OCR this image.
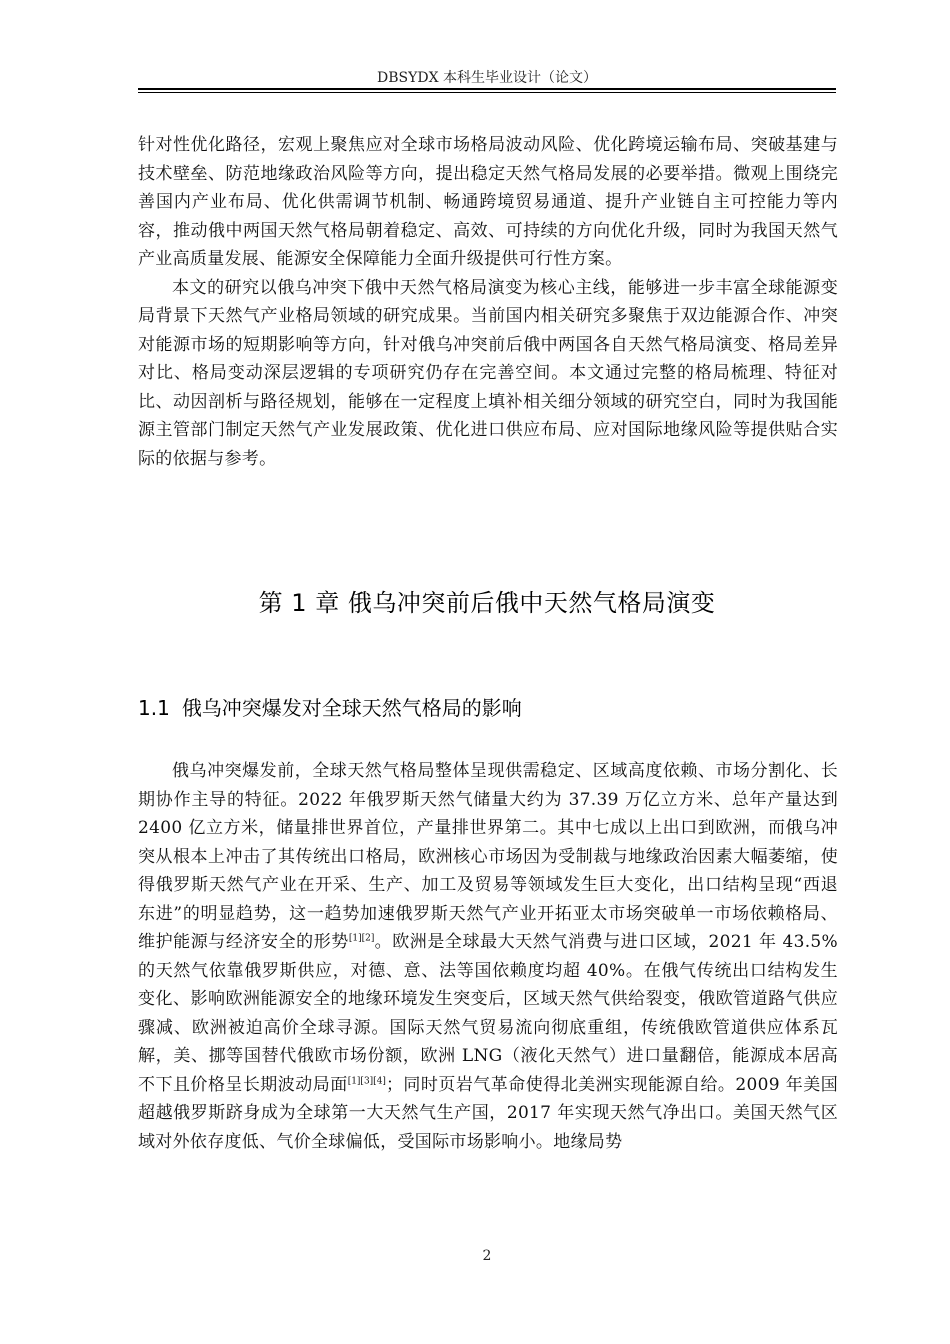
DBSYDX 本科生毕业设计（论文）

针对性优化路径，宏观上聚焦应对全球市场格局波动风险、优化跨境运输布局、突破基建与技术壁垒、防范地缘政治风险等方向，提出稳定天然气格局发展的必要举措。微观上围绕完善国内产业布局、优化供需调节机制、畅通跨境贸易通道、提升产业链自主可控能力等内容，推动俄中两国天然气格局朝着稳定、高效、可持续的方向优化升级，同时为我国天然气产业高质量发展、能源安全保障能力全面升级提供可行性方案。

本文的研究以俄乌冲突下俄中天然气格局演变为核心主线，能够进一步丰富全球能源变局背景下天然气产业格局领域的研究成果。当前国内相关研究多聚焦于双边能源合作、冲突对能源市场的短期影响等方向，针对俄乌冲突前后俄中两国各自天然气格局演变、格局差异对比、格局变动深层逻辑的专项研究仍存在完善空间。本文通过完整的格局梳理、特征对比、动因剖析与路径规划，能够在一定程度上填补相关细分领域的研究空白，同时为我国能源主管部门制定天然气产业发展政策、优化进口供应布局、应对国际地缘风险等提供贴合实际的依据与参考。

第 1 章 俄乌冲突前后俄中天然气格局演变
1.1 俄乌冲突爆发对全球天然气格局的影响

俄乌冲突爆发前，全球天然气格局整体呈现供需稳定、区域高度依赖、市场分割化、长期协作主导的特征。2022 年俄罗斯天然气储量大约为 37.39 万亿立方米、总年产量达到 2400 亿立方米，储量排世界首位，产量排世界第二。其中七成以上出口到欧洲，而俄乌冲突从根本上冲击了其传统出口格局，欧洲核心市场因为受制裁与地缘政治因素大幅萎缩，使得俄罗斯天然气产业在开采、生产、加工及贸易等领域发生巨大变化，出口结构呈现“西退东进”的明显趋势，这一趋势加速俄罗斯天然气产业开拓亚太市场突破单一市场依赖格局、维护能源与经济安全的形势[1][2]。欧洲是全球最大天然气消费与进口区域，2021 年 43.5%的天然气依靠俄罗斯供应，对德、意、法等国依赖度均超 40%。在俄气传统出口结构发生变化、影响欧洲能源安全的地缘环境发生突变后，区域天然气供给裂变，俄欧管道路气供应骤减、欧洲被迫高价全球寻源。国际天然气贸易流向彻底重组，传统俄欧管道供应体系瓦解，美、挪等国替代俄欧市场份额，欧洲 LNG（液化天然气）进口量翻倍，能源成本居高不下且价格呈长期波动局面[1][3][4]；同时页岩气革命使得北美洲实现能源自给。2009 年美国超越俄罗斯跻身成为全球第一大天然气生产国，2017 年实现天然气净出口。美国天然气区域对外依存度低、气价全球偏低，受国际市场影响小。地缘局势

2
